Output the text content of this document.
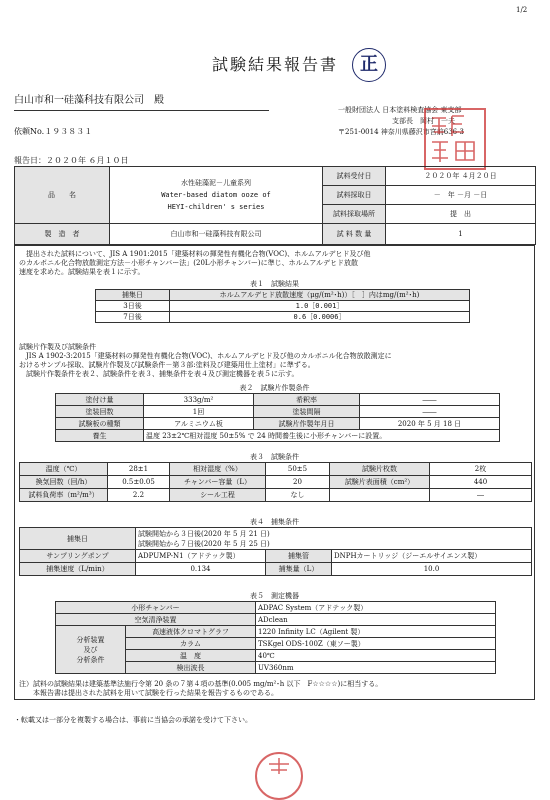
1/2
試験結果報告書	正
白山市和一硅藻科技有限公司　殿
一般財団法人 日本塗料検査協会 東支部
支部長　岡村　一夫
〒251-0014 神奈川県藤沢市宮前636-3
依頼No.１９３８３１
報告日：２０２０年 ６月１０日
品　　名	水性硅藻泥－儿童系列
Water-based diatom ooze of
HEYI-children' s series	試料受付日	２０２０年 ４月２０日
		試料採取日	－　年 －月 －日
		試料採取場所	提　出
製　造　者	白山市和一硅藻科技有限公司	試 料 数 量	1
　提出された試料について、JIS A 1901:2015「建築材料の揮発性有機化合物(VOC)、ホルムアルデヒド及び他
のカルボニル化合物放散測定方法－小形チャンバー法」(20L小形チャンバー)に準じ、ホルムアルデヒド放散
速度を求めた。試験結果を表１に示す。
表１　試験結果
捕集日	ホルムアルデヒド放散速度（μg/(m²･h)）［　］内はmg/(m²･h)
3日後	1.0［0.001］
7日後	0.6［0.0006］
試験片作製及び試験条件
　JIS A 1902-3:2015「建築材料の揮発性有機化合物(VOC)、ホルムアルデヒド及び他のカルボニル化合物放散測定に
おけるサンプル採取、試験片作製及び試験条件－第３部:塗料及び建築用仕上塗材」に準ずる。
　試験片作製条件を表２、試験条件を表３、捕集条件を表４及び測定機器を表５に示す。
表２　試験片作製条件
塗付け量	333g/m²	希釈率	――
塗装回数	1回	塗装間隔	――
試験板の種類	アルミニウム板	試験片作製年月日	2020 年 5 月 18 日
養生	温度 23±2℃相対湿度 50±5% で 24 時間養生後に小形チャンバーに設置。		
表３　試験条件
温度（℃）	28±1	相対湿度（%）	50±5	試験片枚数	2枚
換気回数（回/h）	0.5±0.05	チャンバー容量（L）	20	試験片表面積（cm²）	440
試料負荷率（m²/m³）	2.2	シール工程	なし		―
表４　捕集条件
捕集日	試験開始から３日後(2020 年 5 月 21 日)
試験開始から７日後(2020 年 5 月 25 日)		

サンプリングポンプ	ADPUMP-N1（アドテック製）	捕集管	DNPHカートリッジ（ジーエルサイエンス製）
捕集速度（L/min）	0.134	捕集量（L）	10.0
表５　測定機器
小形チャンバー		ADPAC System（アドテック製）
空気清浄装置		ADclean

分析装置
及び
分析条件	高速液体クロマトグラフ	1220 Infinity LC（Agilent 製）
	カラム	TSKgel ODS-100Z（東ソー製）
	温　度	40℃
	検出波長	UV360nm
注）試料の試験結果は建築基準法施行令第 20 条の７第４項の基準(0.005 mg/m²･h 以下　F☆☆☆☆)に相当する。
　　本報告書は提出された試料を用いて試験を行った結果を報告するものである。
・転載又は一部分を複製する場合は、事前に当協会の承諾を受けて下さい。
